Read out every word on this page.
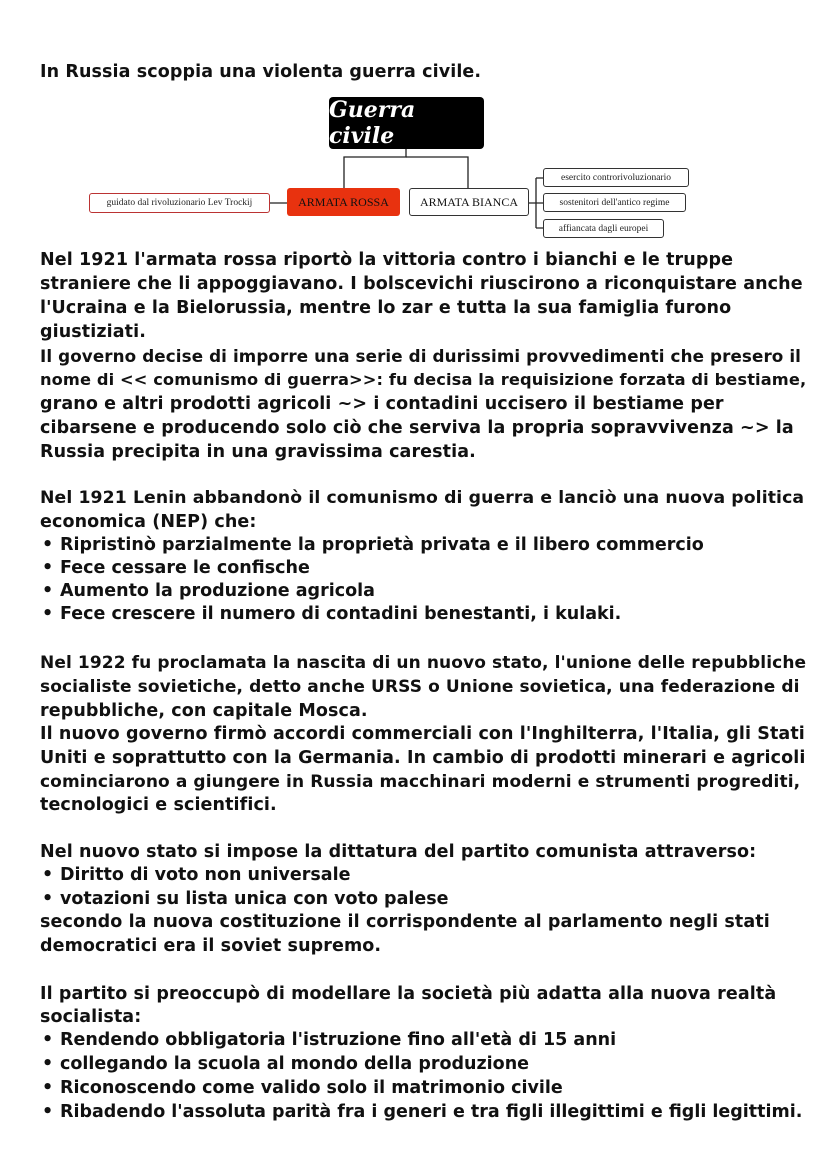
In Russia scoppia una violenta guerra civile.
Guerra civile
guidato dal rivoluzionario Lev Trockij	ARMATA ROSSA	ARMATA BIANCA
esercito controrivoluzionario
sostenitori dell'antico regime
affiancata dagli europei
Nel 1921 l'armata rossa riportò la vittoria contro i bianchi e le truppe
straniere che li appoggiavano. I bolscevichi riuscirono a riconquistare anche
l'Ucraina e la Bielorussia, mentre lo zar e tutta la sua famiglia furono
giustiziati.
Il governo decise di imporre una serie di durissimi provvedimenti che presero il
nome di << comunismo di guerra>>: fu decisa la requisizione forzata di bestiame,
grano e altri prodotti agricoli ~> i contadini uccisero il bestiame per
cibarsene e producendo solo ciò che serviva la propria sopravvivenza ~> la
Russia precipita in una gravissima carestia.
Nel 1921 Lenin abbandonò il comunismo di guerra e lanciò una nuova politica
economica (NEP) che:
• Ripristinò parzialmente la proprietà privata e il libero commercio
• Fece cessare le confische
• Aumento la produzione agricola
• Fece crescere il numero di contadini benestanti, i kulaki.
Nel 1922 fu proclamata la nascita di un nuovo stato, l'unione delle repubbliche
socialiste sovietiche, detto anche URSS o Unione sovietica, una federazione di
repubbliche, con capitale Mosca.
Il nuovo governo firmò accordi commerciali con l'Inghilterra, l'Italia, gli Stati
Uniti e soprattutto con la Germania. In cambio di prodotti minerari e agricoli
cominciarono a giungere in Russia macchinari moderni e strumenti progrediti,
tecnologici e scientifici.
Nel nuovo stato si impose la dittatura del partito comunista attraverso:
• Diritto di voto non universale
• votazioni su lista unica con voto palese
secondo la nuova costituzione il corrispondente al parlamento negli stati
democratici era il soviet supremo.
Il partito si preoccupò di modellare la società più adatta alla nuova realtà
socialista:
• Rendendo obbligatoria l'istruzione fino all'età di 15 anni
• collegando la scuola al mondo della produzione
• Riconoscendo come valido solo il matrimonio civile
• Ribadendo l'assoluta parità fra i generi e tra figli illegittimi e figli legittimi.
